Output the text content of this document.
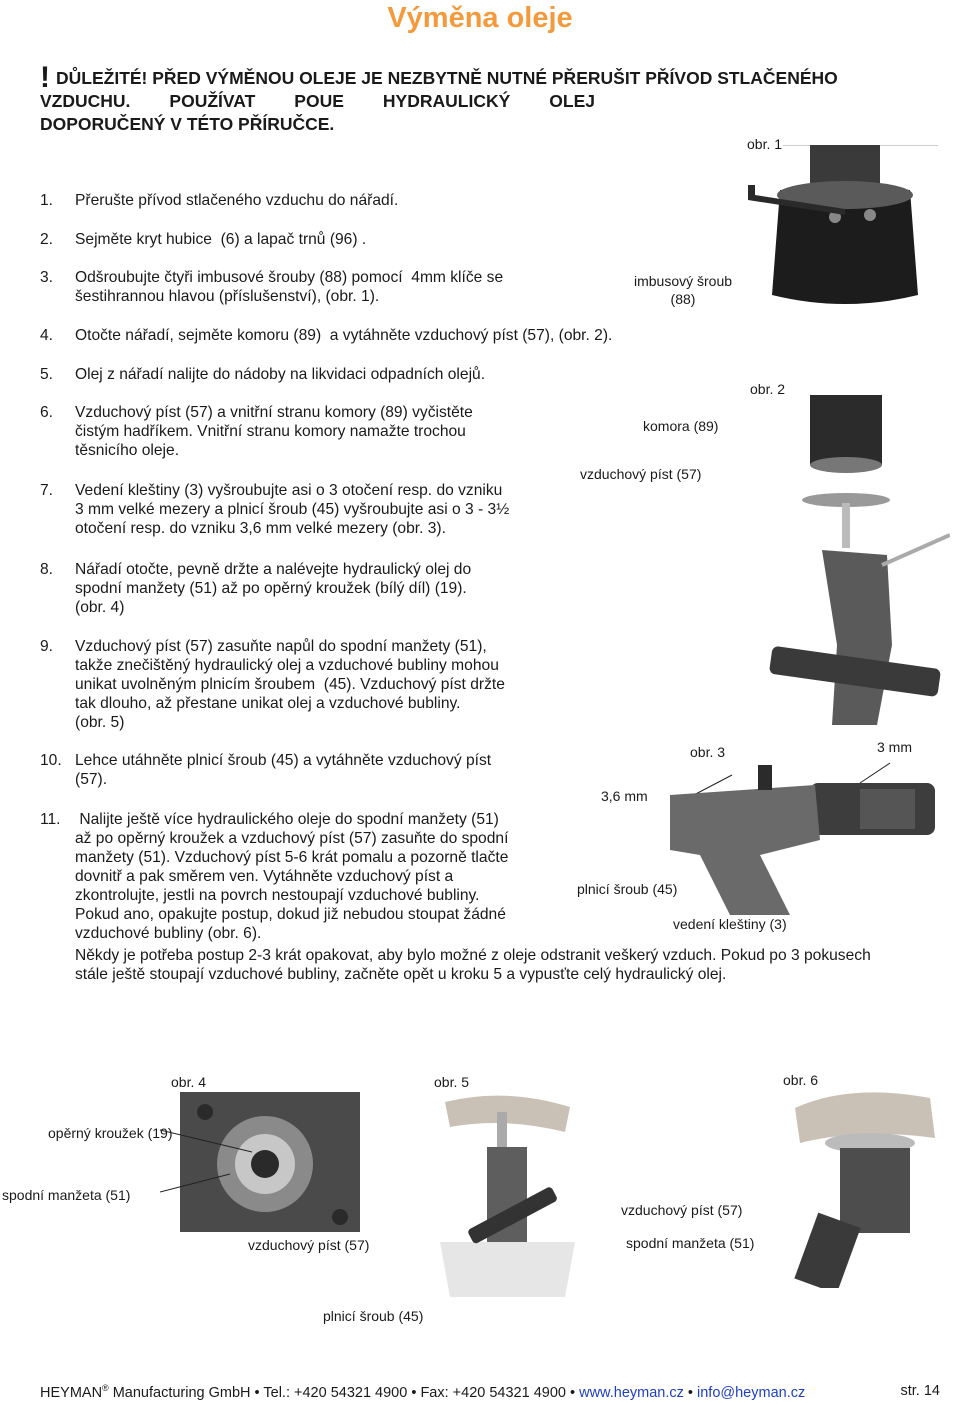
Výměna oleje
! DŮLEŽITÉ! PŘED VÝMĚNOU OLEJE JE NEZBYTNĚ NUTNÉ PŘERUŠIT PŘÍVOD STLAČENÉHO
VZDUCHU. POUŽÍVAT POUE HYDRAULICKÝ OLEJ
DOPORUČENÝ V TÉTO PŘÍRUČCE.
1. Přerušte přívod stlačeného vzduchu do nářadí.
2. Sejměte kryt hubice  (6) a lapač trnů (96) .
3. Odšroubujte čtyři imbusové šrouby (88) pomocí  4mm klíče se
šestihrannou hlavou (příslušenství), (obr. 1).
4. Otočte nářadí, sejměte komoru (89)  a vytáhněte vzduchový píst (57), (obr. 2).
5. Olej z nářadí nalijte do nádoby na likvidaci odpadních olejů.
6. Vzduchový píst (57) a vnitřní stranu komory (89) vyčistěte
čistým hadříkem. Vnitřní stranu komory namažte trochou
těsnicího oleje.
7. Vedení kleštiny (3) vyšroubujte asi o 3 otočení resp. do vzniku
3 mm velké mezery a plnicí šroub (45) vyšroubujte asi o 3 - 3½
otočení resp. do vzniku 3,6 mm velké mezery (obr. 3).
8. Nářadí otočte, pevně držte a nalévejte hydraulický olej do
spodní manžety (51) až po opěrný kroužek (bílý díl) (19).
(obr. 4)
9. Vzduchový píst (57) zasuňte napůl do spodní manžety (51),
takže znečištěný hydraulický olej a vzduchové bubliny mohou
unikat uvolněným plnicím šroubem  (45). Vzduchový píst držte
tak dlouho, až přestane unikat olej a vzduchové bubliny.
(obr. 5)
10. Lehce utáhněte plnicí šroub (45) a vytáhněte vzduchový píst
(57).
11. Nalijte ještě více hydraulického oleje do spodní manžety (51)
až po opěrný kroužek a vzduchový píst (57) zasuňte do spodní
manžety (51). Vzduchový píst 5-6 krát pomalu a pozorně tlačte
dovnitř a pak směrem ven. Vytáhněte vzduchový píst a
zkontrolujte, jestli na povrch nestoupají vzduchové bubliny.
Pokud ano, opakujte postup, dokud již nebudou stoupat žádné
vzduchové bubliny (obr. 6).
Někdy je potřeba postup 2-3 krát opakovat, aby bylo možné z oleje odstranit veškerý vzduch. Pokud po 3 pokusech
stále ještě stoupají vzduchové bubliny, začněte opět u kroku 5 a vypusťte celý hydraulický olej.
obr. 1
imbusový šroub
(88)
obr. 2
komora (89)
vzduchový píst (57)
obr. 3	3 mm
3,6 mm
plnicí šroub (45)
vedení kleštiny (3)
obr. 4
opěrný kroužek (19)
spodní manžeta (51)
obr. 5
vzduchový píst (57)
plnicí šroub (45)
obr. 6
vzduchový píst (57)
spodní manžeta (51)
HEYMAN® Manufacturing GmbH • Tel.: +420 54321 4900 • Fax: +420 54321 4900 • www.heyman.cz • info@heyman.cz	str. 14
